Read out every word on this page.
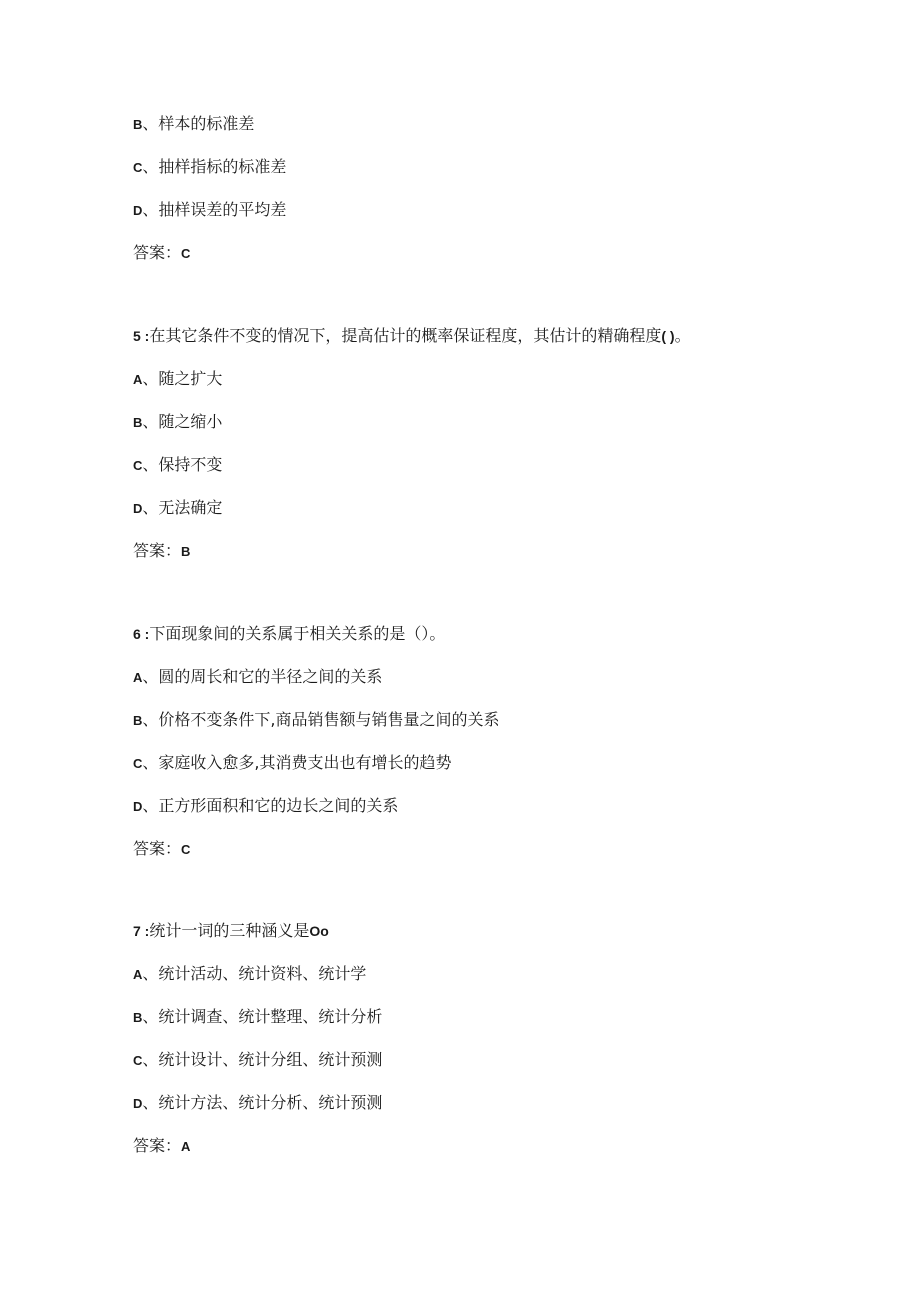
B、样本的标准差
C、抽样指标的标准差
D、抽样误差的平均差
答案：C
5 :在其它条件不变的情况下，提高估计的概率保证程度，其估计的精确程度( )。
A、随之扩大
B、随之缩小
C、保持不变
D、无法确定
答案：B
6 :下面现象间的关系属于相关关系的是（）。
A、圆的周长和它的半径之间的关系
B、价格不变条件下,商品销售额与销售量之间的关系
C、家庭收入愈多,其消费支出也有增长的趋势
D、正方形面积和它的边长之间的关系
答案：C
7 :统计一词的三种涵义是Oo
A、统计活动、统计资料、统计学
B、统计调查、统计整理、统计分析
C、统计设计、统计分组、统计预测
D、统计方法、统计分析、统计预测
答案：A
